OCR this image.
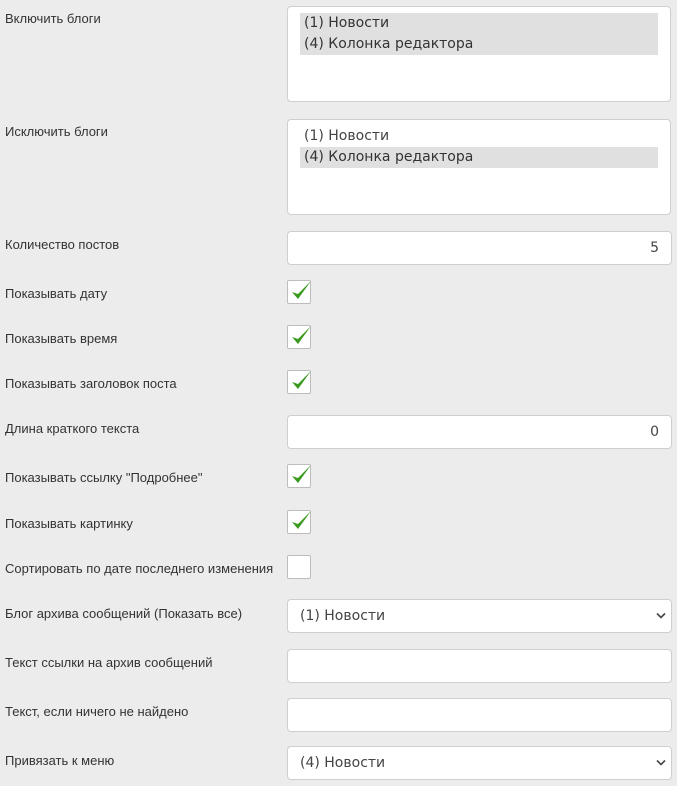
Включить блоги	(1) Новости
(4) Колонка редактора
Исключить блоги	(1) Новости
(4) Колонка редактора
Количество постов	5
Показывать дату
Показывать время
Показывать заголовок поста
Длина краткого текста	0
Показывать ссылку "Подробнее"
Показывать картинку
Сортировать по дате последнего изменения
Блог архива сообщений (Показать все)	(1) Новости
Текст ссылки на архив сообщений
Текст, если ничего не найдено
Привязать к меню	(4) Новости
